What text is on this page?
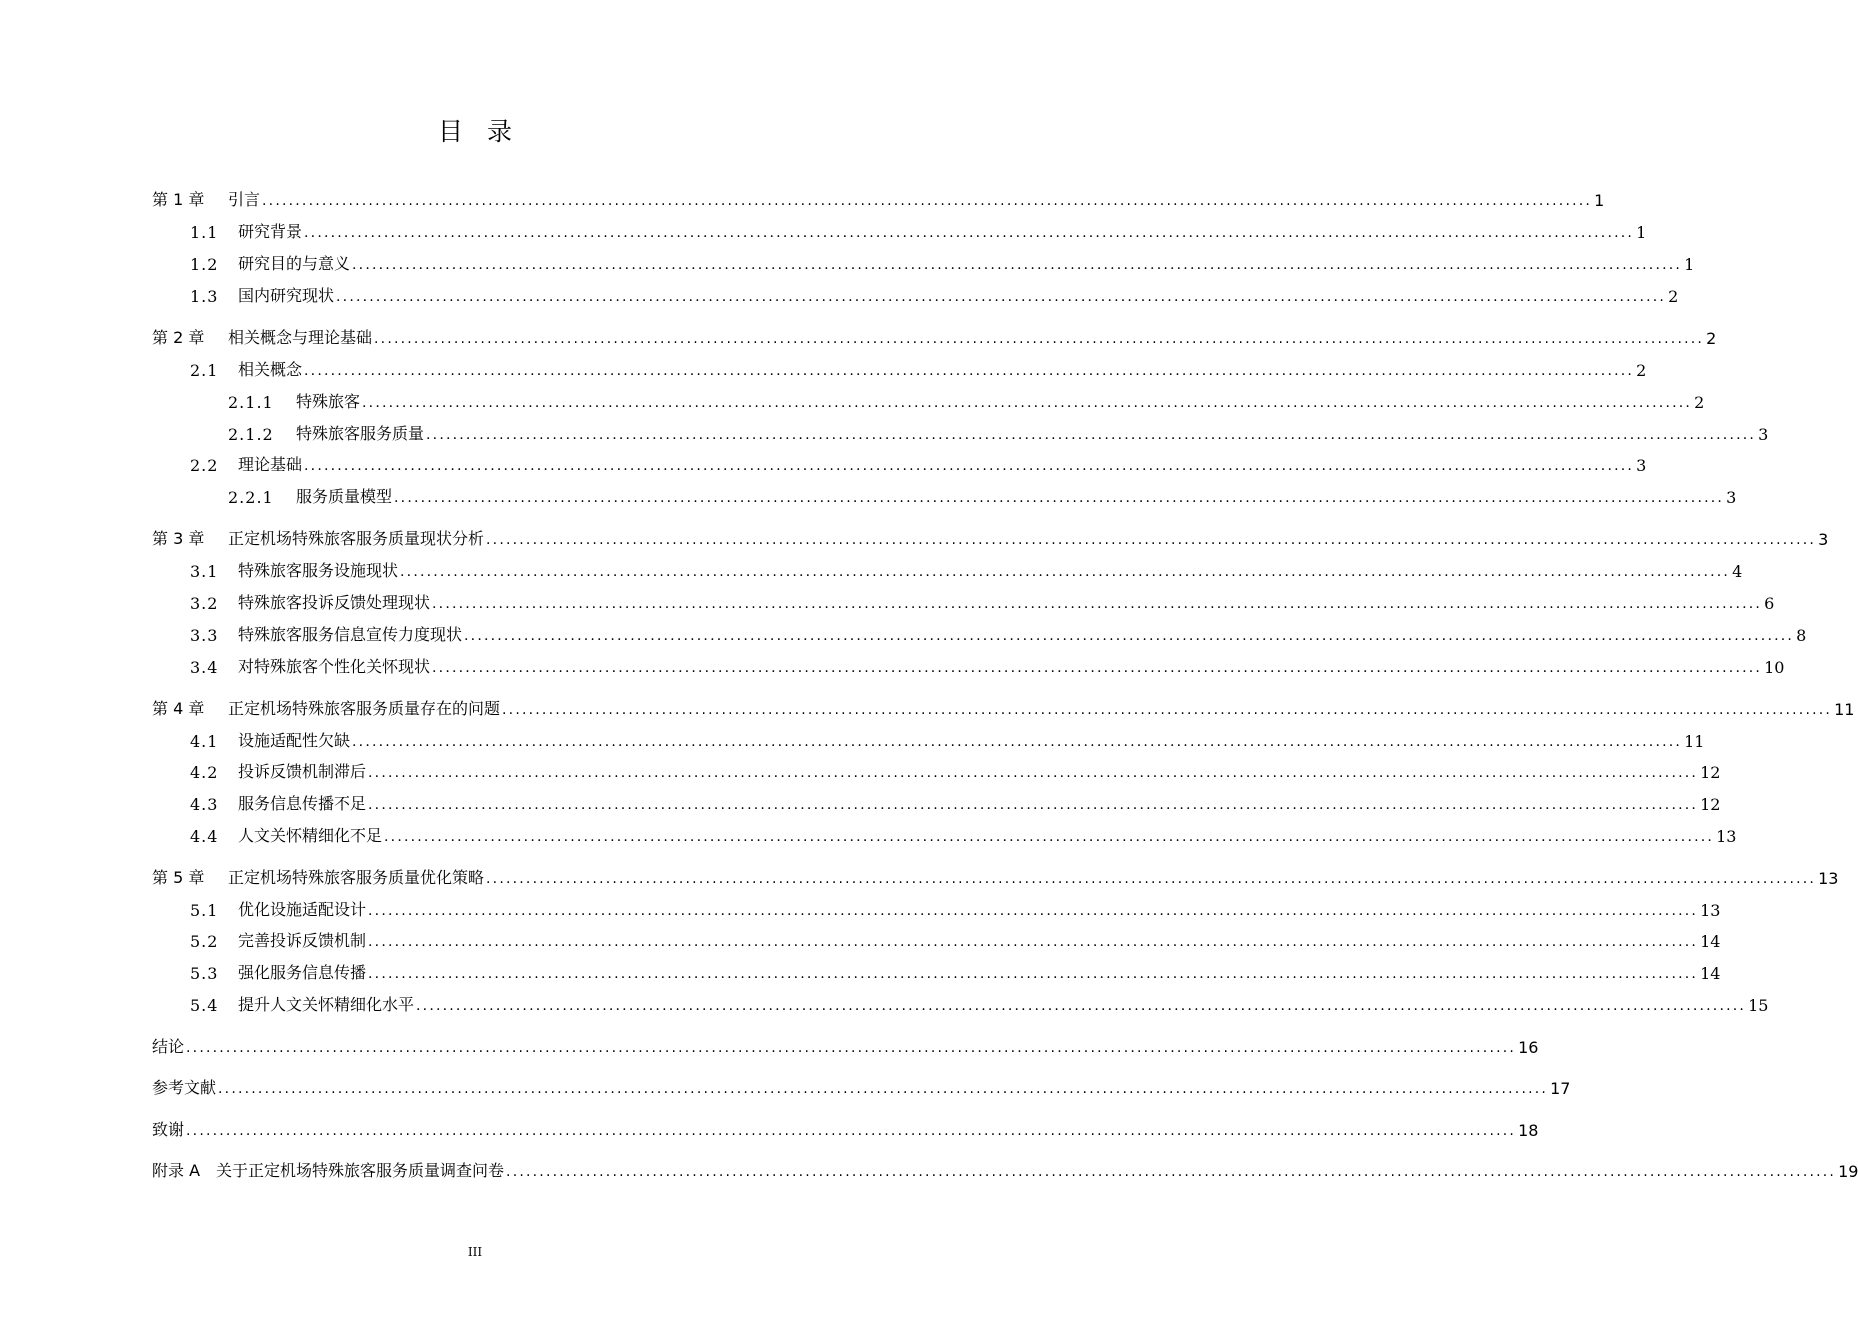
目录
第 1 章	引言 ........................................................................................................................................................................................................ 1
1.1	研究背景 ........................................................................................................................................................................................................ 1
1.2	研究目的与意义 ........................................................................................................................................................................................................ 1
1.3	国内研究现状 ........................................................................................................................................................................................................ 2
第 2 章	相关概念与理论基础 ........................................................................................................................................................................................................ 2
2.1	相关概念 ........................................................................................................................................................................................................ 2
2.1.1	特殊旅客 ........................................................................................................................................................................................................ 2
2.1.2	特殊旅客服务质量 ........................................................................................................................................................................................................ 3
2.2	理论基础 ........................................................................................................................................................................................................ 3
2.2.1	服务质量模型 ........................................................................................................................................................................................................ 3
第 3 章	正定机场特殊旅客服务质量现状分析 ........................................................................................................................................................................................................ 3
3.1	特殊旅客服务设施现状 ........................................................................................................................................................................................................ 4
3.2	特殊旅客投诉反馈处理现状 ........................................................................................................................................................................................................ 6
3.3	特殊旅客服务信息宣传力度现状 ........................................................................................................................................................................................................ 8
3.4	对特殊旅客个性化关怀现状 ........................................................................................................................................................................................................ 10
第 4 章	正定机场特殊旅客服务质量存在的问题 ........................................................................................................................................................................................................ 11
4.1	设施适配性欠缺 ........................................................................................................................................................................................................ 11
4.2	投诉反馈机制滞后 ........................................................................................................................................................................................................ 12
4.3	服务信息传播不足 ........................................................................................................................................................................................................ 12
4.4	人文关怀精细化不足 ........................................................................................................................................................................................................ 13
第 5 章	正定机场特殊旅客服务质量优化策略 ........................................................................................................................................................................................................ 13
5.1	优化设施适配设计 ........................................................................................................................................................................................................ 13
5.2	完善投诉反馈机制 ........................................................................................................................................................................................................ 14
5.3	强化服务信息传播 ........................................................................................................................................................................................................ 14
5.4	提升人文关怀精细化水平 ........................................................................................................................................................................................................ 15
结论 ........................................................................................................................................................................................................ 16
参考文献 ........................................................................................................................................................................................................ 17
致谢 ........................................................................................................................................................................................................ 18
附录 A　关于正定机场特殊旅客服务质量调查问卷 ........................................................................................................................................................................................................ 19
III
